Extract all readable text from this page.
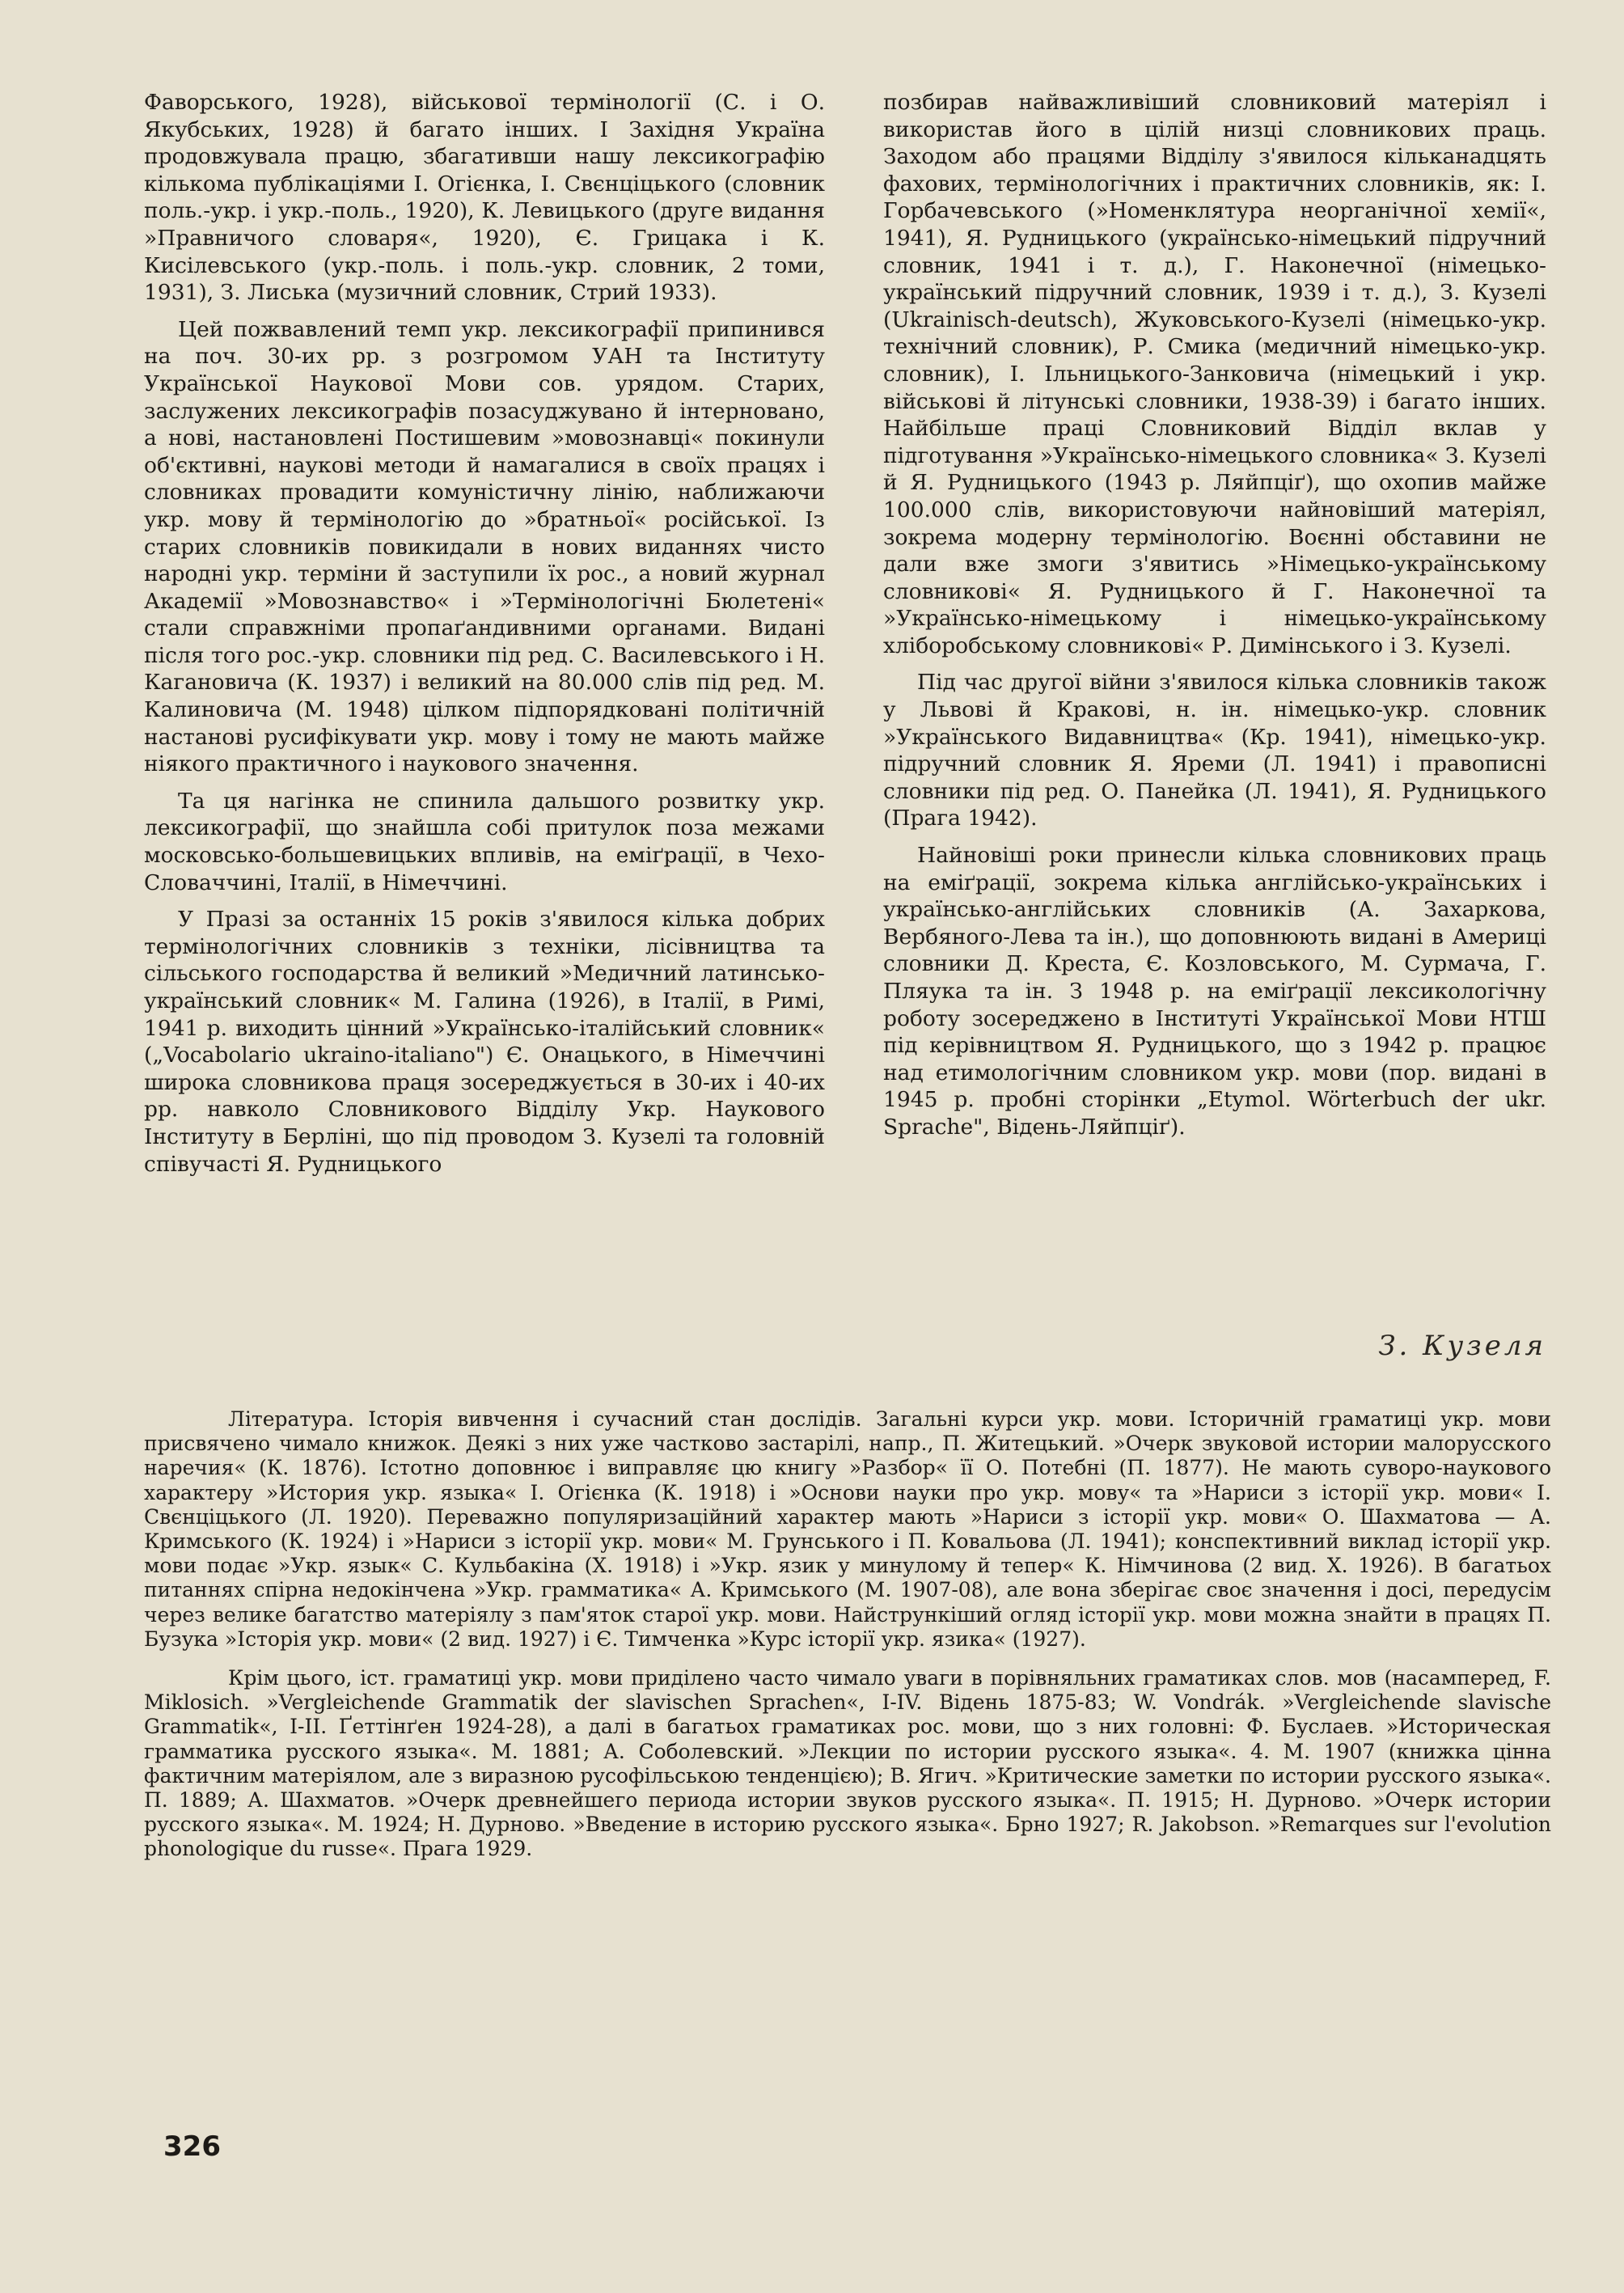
Фаворського, 1928), військової термінології (С. і О. Якубських, 1928) й багато інших. І Західня Україна продовжувала працю, збагативши нашу лексикографію кількома публікаціями І. Огієнка, І. Свєнціцького (словник поль.-укр. і укр.-поль., 1920), К. Левицького (друге видання »Правничого словаря«, 1920), Є. Грицака і К. Кисілевського (укр.-поль. і поль.-укр. словник, 2 томи, 1931), З. Лиська (музичний словник, Стрий 1933).

Цей пожвавлений темп укр. лексикографії припинився на поч. 30-их рр. з розгромом УАН та Інституту Української Наукової Мови сов. урядом. Старих, заслужених лексикографів позасуджувано й інтерновано, а нові, настановлені Постишевим »мовознавці« покинули об'єктивні, наукові методи й намагалися в своїх працях і словниках провадити комуністичну лінію, наближаючи укр. мову й термінологію до »братньої« російської. Із старих словників повикидали в нових виданнях чисто народні укр. терміни й заступили їх рос., а новий журнал Академії »Мовознавство« і »Термінологічні Бюлетені« стали справжніми пропаґандивними органами. Видані після того рос.-укр. словники під ред. С. Василевського і Н. Кагановича (К. 1937) і великий на 80.000 слів під ред. М. Калиновича (М. 1948) цілком підпорядковані політичній настанові русифікувати укр. мову і тому не мають майже ніякого практичного і наукового значення.

Та ця нагінка не спинила дальшого розвитку укр. лексикографії, що знайшла собі притулок поза межами московсько-большевицьких впливів, на еміґрації, в Чехо-Словаччині, Італії, в Німеччині.

У Празі за останніх 15 років з'явилося кілька добрих термінологічних словників з техніки, лісівництва та сільського господарства й великий »Медичний латинсько-український словник« М. Галина (1926), в Італії, в Римі, 1941 р. виходить цінний »Українсько-італійський словник« („Vocabolario ukraino-italiano") Є. Онацького, в Німеччині широка словникова праця зосереджується в 30-их і 40-их рр. навколо Словникового Відділу Укр. Наукового Інституту в Берліні, що під проводом З. Кузелі та головній співучасті Я. Рудницького

позбирав найважливіший словниковий матеріял і використав його в цілій низці словникових праць. Заходом або працями Відділу з'явилося кільканадцять фахових, термінологічних і практичних словників, як: І. Горбачевського (»Номенклятура неорганічної хемії«, 1941), Я. Рудницького (українсько-німецький підручний словник, 1941 і т. д.), Г. Наконечної (німецько-український підручний словник, 1939 і т. д.), З. Кузелі (Ukrainisch-deutsch), Жуковського-Кузелі (німецько-укр. технічний словник), Р. Смика (медичний німецько-укр. словник), І. Ільницького-Занковича (німецький і укр. військові й літунські словники, 1938-39) і багато інших. Найбільше праці Словниковий Відділ вклав у підготування »Українсько-німецького словника« З. Кузелі й Я. Рудницького (1943 р. Ляйпціґ), що охопив майже 100.000 слів, використовуючи найновіший матеріял, зокрема модерну термінологію. Воєнні обставини не дали вже змоги з'явитись »Німецько-українському словникові« Я. Рудницького й Г. Наконечної та »Українсько-німецькому і німецько-українському хліборобському словникові« Р. Димінського і З. Кузелі.

Під час другої війни з'явилося кілька словників також у Львові й Кракові, н. ін. німецько-укр. словник »Українського Видавництва« (Кр. 1941), німецько-укр. підручний словник Я. Яреми (Л. 1941) і правописні словники під ред. О. Панейка (Л. 1941), Я. Рудницького (Прага 1942).

Найновіші роки принесли кілька словникових праць на еміґрації, зокрема кілька англійсько-українських і українсько-англійських словників (А. Захаркова, Вербяного-Лева та ін.), що доповнюють видані в Америці словники Д. Креста, Є. Козловського, М. Сурмача, Г. Пляука та ін. З 1948 р. на еміґрації лексикологічну роботу зосереджено в Інституті Української Мови НТШ під керівництвом Я. Рудницького, що з 1942 р. працює над етимологічним словником укр. мови (пор. видані в 1945 р. пробні сторінки „Etymol. Wörterbuch der ukr. Sprache", Відень-Ляйпціґ).

З. Кузеля

Література. Історія вивчення і сучасний стан дослідів. Загальні курси укр. мови. Історичній граматиці укр. мови присвячено чималo книжок. Деякі з них уже частково застарілі, напр., П. Житецький. »Очерк звуковой истории малорусского наречия« (К. 1876). Істотно доповнює і виправляє цю книгу »Разбор« її О. Потебні (П. 1877). Не мають суворо-наукового характеру »История укр. языка« І. Огієнка (К. 1918) і »Основи науки про укр. мову« та »Нариси з історії укр. мови« І. Свєнціцького (Л. 1920). Переважно популяризаційний характер мають »Нариси з історії укр. мови« О. Шахматова — А. Кримського (К. 1924) і »Нариси з історії укр. мови« М. Грунського і П. Ковальова (Л. 1941); конспективний виклад історії укр. мови подає »Укр. язык« С. Кульбакіна (Х. 1918) і »Укр. язик у минулому й тепер« К. Німчинова (2 вид. Х. 1926). В багатьох питаннях спірна недокінчена »Укр. грамматика« А. Кримського (М. 1907-08), але вона зберігає своє значення і досі, передусім через велике багатство матеріялу з пам'яток старої укр. мови. Найстрункіший огляд історії укр. мови можна знайти в працях П. Бузука »Історія укр. мови« (2 вид. 1927) і Є. Тимченка »Курс історії укр. язика« (1927).

Крім цього, іст. граматиці укр. мови приділено часто чимало уваги в порівняльних граматиках слов. мов (насамперед, F. Miklosich. »Vergleichende Grammatik der slavischen Sprachen«, I-IV. Відень 1875-83; W. Vondrák. »Vergleichende slavische Grammatik«, I-II. Ґеттінґен 1924-28), а далі в багатьох граматиках рос. мови, що з них головні: Ф. Буслаев. »Историческая грамматика русского языка«. М. 1881; А. Соболевский. »Лекции по истории русского языка«. 4. М. 1907 (книжка цінна фактичним матеріялом, але з виразною русофільською тенденцією); В. Ягич. »Критические заметки по истории русского языка«. П. 1889; А. Шахматов. »Очерк древнейшего периода истории звуков русского языка«. П. 1915; Н. Дурново. »Очерк истории русского языка«. М. 1924; Н. Дурново. »Введение в историю русского языка«. Брно 1927; R. Jakobson. »Remarques sur l'evolution phonologique du russe«. Прага 1929.

326
